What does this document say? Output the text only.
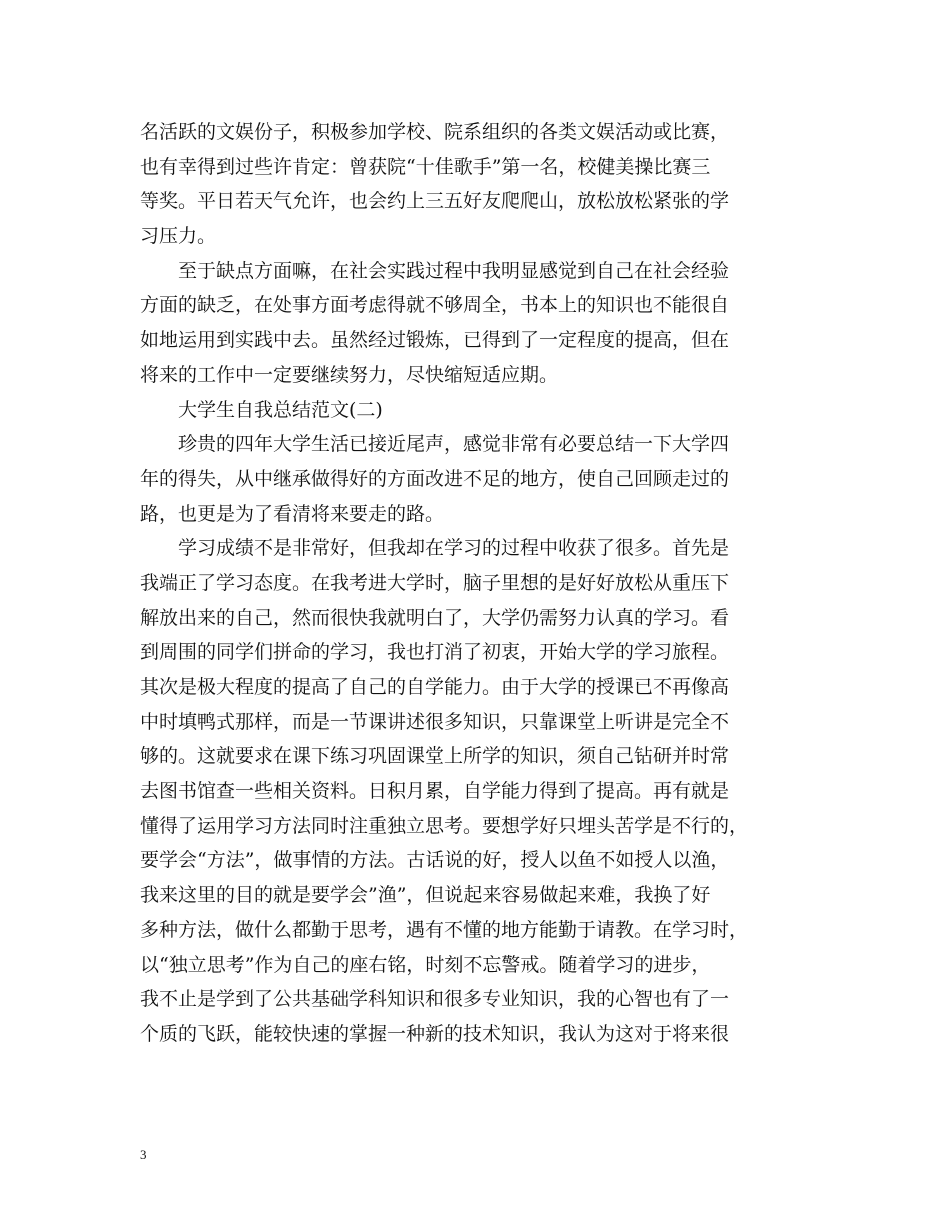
名活跃的文娱份子，积极参加学校、院系组织的各类文娱活动或比赛，
也有幸得到过些许肯定：曾获院“十佳歌手”第一名，校健美操比赛三
等奖。平日若天气允许，也会约上三五好友爬爬山，放松放松紧张的学
习压力。
至于缺点方面嘛，在社会实践过程中我明显感觉到自己在社会经验
方面的缺乏，在处事方面考虑得就不够周全，书本上的知识也不能很自
如地运用到实践中去。虽然经过锻炼，已得到了一定程度的提高，但在
将来的工作中一定要继续努力，尽快缩短适应期。
大学生自我总结范文(二)
珍贵的四年大学生活已接近尾声，感觉非常有必要总结一下大学四
年的得失，从中继承做得好的方面改进不足的地方，使自己回顾走过的
路，也更是为了看清将来要走的路。
学习成绩不是非常好，但我却在学习的过程中收获了很多。首先是
我端正了学习态度。在我考进大学时，脑子里想的是好好放松从重压下
解放出来的自己，然而很快我就明白了，大学仍需努力认真的学习。看
到周围的同学们拼命的学习，我也打消了初衷，开始大学的学习旅程。
其次是极大程度的提高了自己的自学能力。由于大学的授课已不再像高
中时填鸭式那样，而是一节课讲述很多知识，只靠课堂上听讲是完全不
够的。这就要求在课下练习巩固课堂上所学的知识，须自己钻研并时常
去图书馆查一些相关资料。日积月累，自学能力得到了提高。再有就是
懂得了运用学习方法同时注重独立思考。要想学好只埋头苦学是不行的，
要学会“方法”，做事情的方法。古话说的好，授人以鱼不如授人以渔，
我来这里的目的就是要学会”渔”，但说起来容易做起来难，我换了好
多种方法，做什么都勤于思考，遇有不懂的地方能勤于请教。在学习时，
以“独立思考”作为自己的座右铭，时刻不忘警戒。随着学习的进步，
我不止是学到了公共基础学科知识和很多专业知识，我的心智也有了一
个质的飞跃，能较快速的掌握一种新的技术知识，我认为这对于将来很
3
